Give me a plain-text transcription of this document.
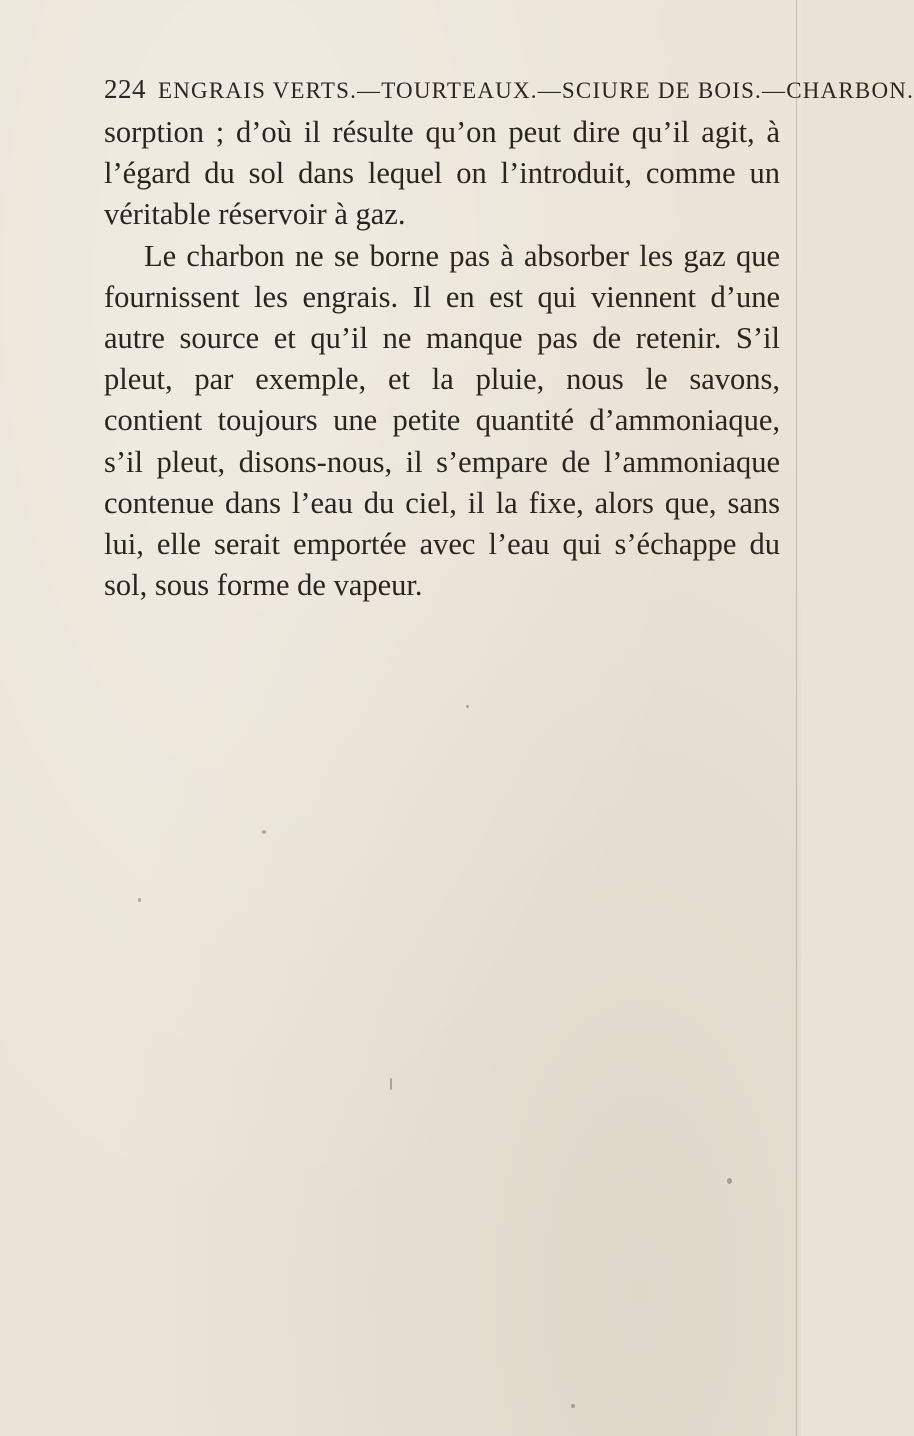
224 ENGRAIS VERTS.—TOURTEAUX.—SCIURE DE BOIS.—CHARBON.
sorption ; d’où il résulte qu’on peut dire qu’il agit, à
l’égard du sol dans lequel on l’introduit, comme un
véritable réservoir à gaz.
Le charbon ne se borne pas à absorber les gaz que
fournissent les engrais. Il en est qui viennent d’une
autre source et qu’il ne manque pas de retenir. S’il
pleut, par exemple, et la pluie, nous le savons,
contient toujours une petite quantité d’ammoniaque,
s’il pleut, disons-nous, il s’empare de l’ammoniaque
contenue dans l’eau du ciel, il la fixe, alors que, sans
lui, elle serait emportée avec l’eau qui s’échappe du
sol, sous forme de vapeur.
